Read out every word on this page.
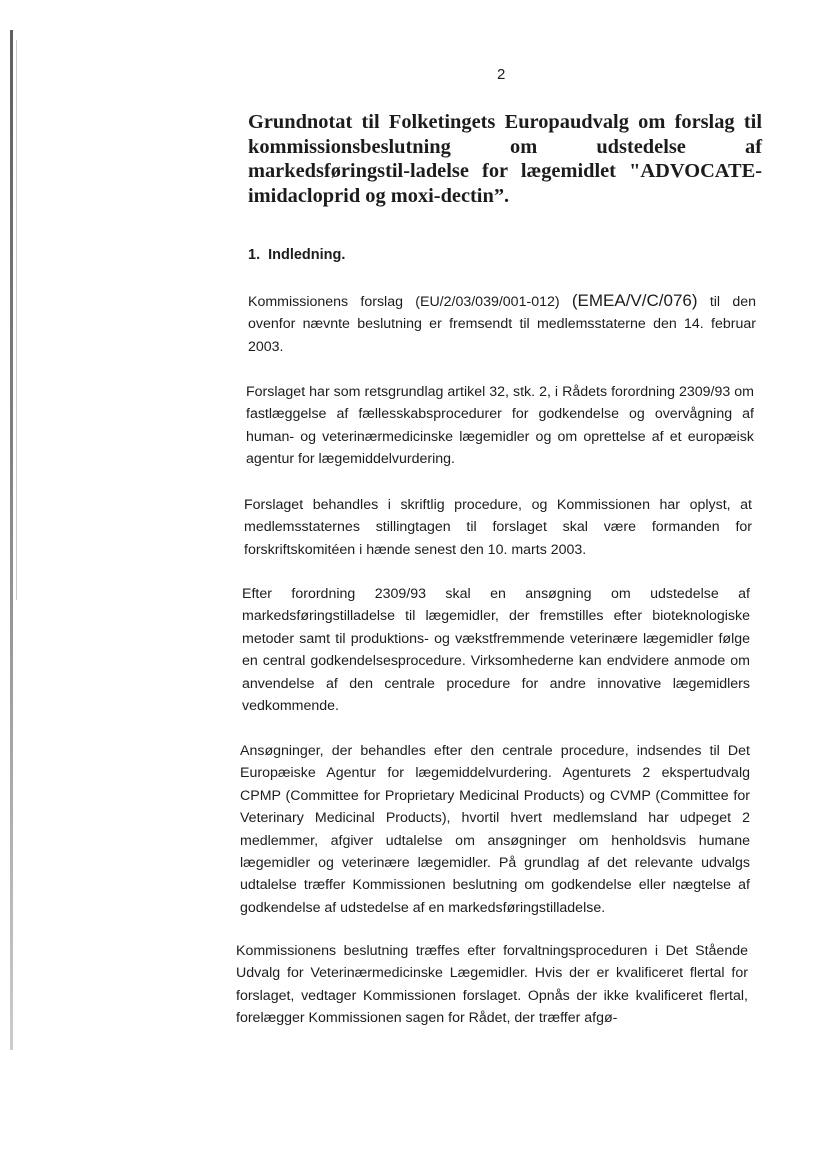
2
Grundnotat til Folketingets Europaudvalg om forslag til kommissionsbeslutning om udstedelse af markedsføringstil-ladelse for lægemidlet "ADVOCATE-imidacloprid og moxi-dectin”.
1. Indledning.

Kommissionens forslag (EU/2/03/039/001-012) (EMEA/V/C/076) til den ovenfor nævnte beslutning er fremsendt til medlemsstaterne den 14. februar 2003.

Forslaget har som retsgrundlag artikel 32, stk. 2, i Rådets forordning 2309/93 om fastlæggelse af fællesskabsprocedurer for godkendelse og overvågning af human- og veterinærmedicinske lægemidler og om oprettelse af et europæisk agentur for lægemiddelvurdering.

Forslaget behandles i skriftlig procedure, og Kommissionen har oplyst, at medlemsstaternes stillingtagen til forslaget skal være formanden for forskriftskomitéen i hænde senest den 10. marts 2003.

Efter forordning 2309/93 skal en ansøgning om udstedelse af markedsføringstilladelse til lægemidler, der fremstilles efter bioteknologiske metoder samt til produktions- og vækstfremmende veterinære lægemidler følge en central godkendelsesprocedure. Virksomhederne kan endvidere anmode om anvendelse af den centrale procedure for andre innovative lægemidlers vedkommende.

Ansøgninger, der behandles efter den centrale procedure, indsendes til Det Europæiske Agentur for lægemiddelvurdering. Agenturets 2 ekspertudvalg CPMP (Committee for Proprietary Medicinal Products) og CVMP (Committee for Veterinary Medicinal Products), hvortil hvert medlemsland har udpeget 2 medlemmer, afgiver udtalelse om ansøgninger om henholdsvis humane lægemidler og veterinære lægemidler. På grundlag af det relevante udvalgs udtalelse træffer Kommissionen beslutning om godkendelse eller nægtelse af godkendelse af udstedelse af en markedsføringstilladelse.

Kommissionens beslutning træffes efter forvaltningsproceduren i Det Stående Udvalg for Veterinærmedicinske Lægemidler. Hvis der er kvalificeret flertal for forslaget, vedtager Kommissionen forslaget. Opnås der ikke kvalificeret flertal, forelægger Kommissionen sagen for Rådet, der træffer afgø-
